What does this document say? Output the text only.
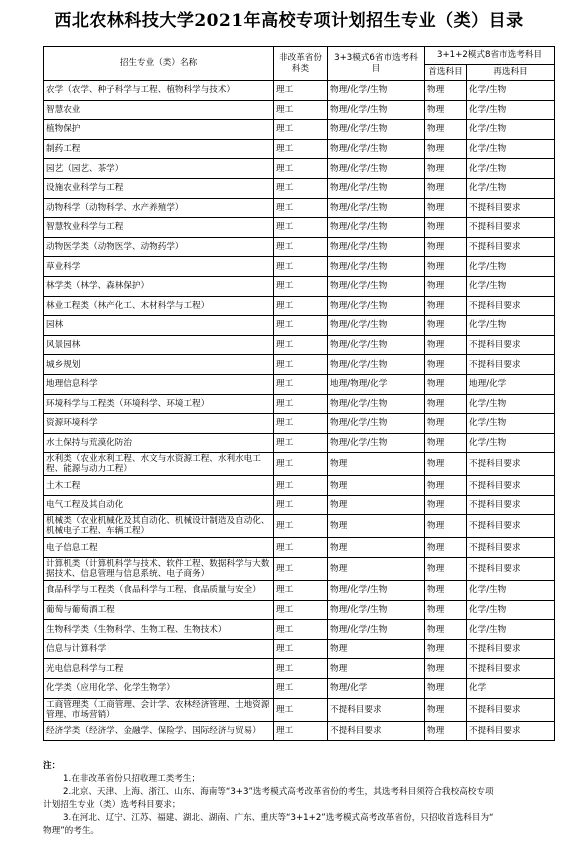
西北农林科技大学2021年高校专项计划招生专业（类）目录
招生专业（类）名称	非改革省份科类	3+3模式6省市选考科目	3+1+2模式8省市选考科目	
			首选科目	再选科目
农学（农学、种子科学与工程、植物科学与技术）	理工	物理/化学/生物	物理	化学/生物
智慧农业	理工	物理/化学/生物	物理	化学/生物
植物保护	理工	物理/化学/生物	物理	化学/生物
制药工程	理工	物理/化学/生物	物理	化学/生物
园艺（园艺、茶学）	理工	物理/化学/生物	物理	化学/生物
设施农业科学与工程	理工	物理/化学/生物	物理	化学/生物
动物科学（动物科学、水产养殖学）	理工	物理/化学/生物	物理	不提科目要求
智慧牧业科学与工程	理工	物理/化学/生物	物理	不提科目要求
动物医学类（动物医学、动物药学）	理工	物理/化学/生物	物理	不提科目要求
草业科学	理工	物理/化学/生物	物理	化学/生物
林学类（林学、森林保护）	理工	物理/化学/生物	物理	化学/生物
林业工程类（林产化工、木材科学与工程）	理工	物理/化学/生物	物理	不提科目要求
园林	理工	物理/化学/生物	物理	化学/生物
风景园林	理工	物理/化学/生物	物理	不提科目要求
城乡规划	理工	物理/化学/生物	物理	不提科目要求
地理信息科学	理工	地理/物理/化学	物理	地理/化学
环境科学与工程类（环境科学、环境工程）	理工	物理/化学/生物	物理	化学/生物
资源环境科学	理工	物理/化学/生物	物理	化学/生物
水土保持与荒漠化防治	理工	物理/化学/生物	物理	化学/生物
水利类（农业水利工程、水文与水资源工程、水利水电工程、能源与动力工程）	理工	物理	物理	不提科目要求
土木工程	理工	物理	物理	不提科目要求
电气工程及其自动化	理工	物理	物理	不提科目要求
机械类（农业机械化及其自动化、机械设计制造及自动化、机械电子工程、车辆工程）	理工	物理	物理	不提科目要求
电子信息工程	理工	物理	物理	不提科目要求
计算机类（计算机科学与技术、软件工程、数据科学与大数据技术、信息管理与信息系统、电子商务）	理工	物理	物理	不提科目要求
食品科学与工程类（食品科学与工程、食品质量与安全）	理工	物理/化学/生物	物理	化学/生物
葡萄与葡萄酒工程	理工	物理/化学/生物	物理	化学/生物
生物科学类（生物科学、生物工程、生物技术）	理工	物理/化学/生物	物理	化学/生物
信息与计算科学	理工	物理	物理	不提科目要求
光电信息科学与工程	理工	物理	物理	不提科目要求
化学类（应用化学、化学生物学）	理工	物理/化学	物理	化学
工商管理类（工商管理、会计学、农林经济管理、土地资源管理、市场营销）	理工	不提科目要求	物理	不提科目要求
经济学类（经济学、金融学、保险学、国际经济与贸易）	理工	不提科目要求	物理	不提科目要求
注：
1.在非改革省份只招收理工类考生；
2.北京、天津、上海、浙江、山东、海南等“3+3”选考模式高考改革省份的考生，其选考科目须符合我校高校专项
计划招生专业（类）选考科目要求；
3.在河北、辽宁、江苏、福建、湖北、湖南、广东、重庆等“3+1+2”选考模式高考改革省份，只招收首选科目为“
物理”的考生。
